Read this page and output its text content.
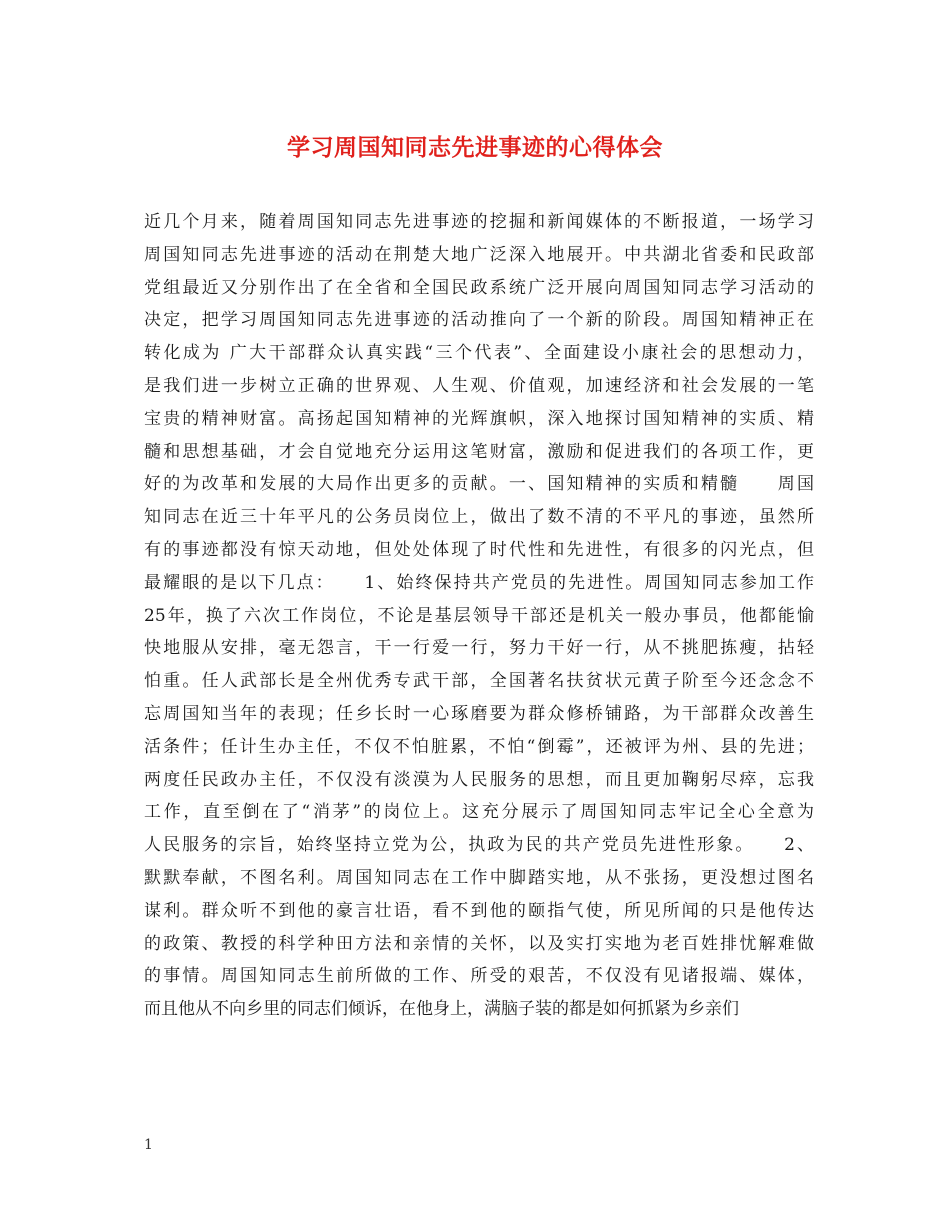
学习周国知同志先进事迹的心得体会
近几个月来，随着周国知同志先进事迹的挖掘和新闻媒体的不断报道，一场学习
周国知同志先进事迹的活动在荆楚大地广泛深入地展开。中共湖北省委和民政部
党组最近又分别作出了在全省和全国民政系统广泛开展向周国知同志学习活动的
决定，把学习周国知同志先进事迹的活动推向了一个新的阶段。周国知精神正在
转化成为 广大干部群众认真实践“三个代表”、全面建设小康社会的思想动力，
是我们进一步树立正确的世界观、人生观、价值观，加速经济和社会发展的一笔
宝贵的精神财富。高扬起国知精神的光辉旗帜，深入地探讨国知精神的实质、精
髓和思想基础，才会自觉地充分运用这笔财富，激励和促进我们的各项工作，更
好的为改革和发展的大局作出更多的贡献。一、国知精神的实质和精髓　　周国
知同志在近三十年平凡的公务员岗位上，做出了数不清的不平凡的事迹，虽然所
有的事迹都没有惊天动地，但处处体现了时代性和先进性，有很多的闪光点，但
最耀眼的是以下几点：　　1、始终保持共产党员的先进性。周国知同志参加工作
25年，换了六次工作岗位，不论是基层领导干部还是机关一般办事员，他都能愉
快地服从安排，毫无怨言，干一行爱一行，努力干好一行，从不挑肥拣瘦，拈轻
怕重。任人武部长是全州优秀专武干部，全国著名扶贫状元黄子阶至今还念念不
忘周国知当年的表现；任乡长时一心琢磨要为群众修桥铺路，为干部群众改善生
活条件；任计生办主任，不仅不怕脏累，不怕“倒霉”，还被评为州、县的先进；
两度任民政办主任，不仅没有淡漠为人民服务的思想，而且更加鞠躬尽瘁，忘我
工作，直至倒在了“消茅”的岗位上。这充分展示了周国知同志牢记全心全意为
人民服务的宗旨，始终坚持立党为公，执政为民的共产党员先进性形象。　　2、
默默奉献，不图名利。周国知同志在工作中脚踏实地，从不张扬，更没想过图名
谋利。群众听不到他的豪言壮语，看不到他的颐指气使，所见所闻的只是他传达
的政策、教授的科学种田方法和亲情的关怀，以及实打实地为老百姓排忧解难做
的事情。周国知同志生前所做的工作、所受的艰苦，不仅没有见诸报端、媒体，
而且他从不向乡里的同志们倾诉，在他身上，满脑子装的都是如何抓紧为乡亲们
1
